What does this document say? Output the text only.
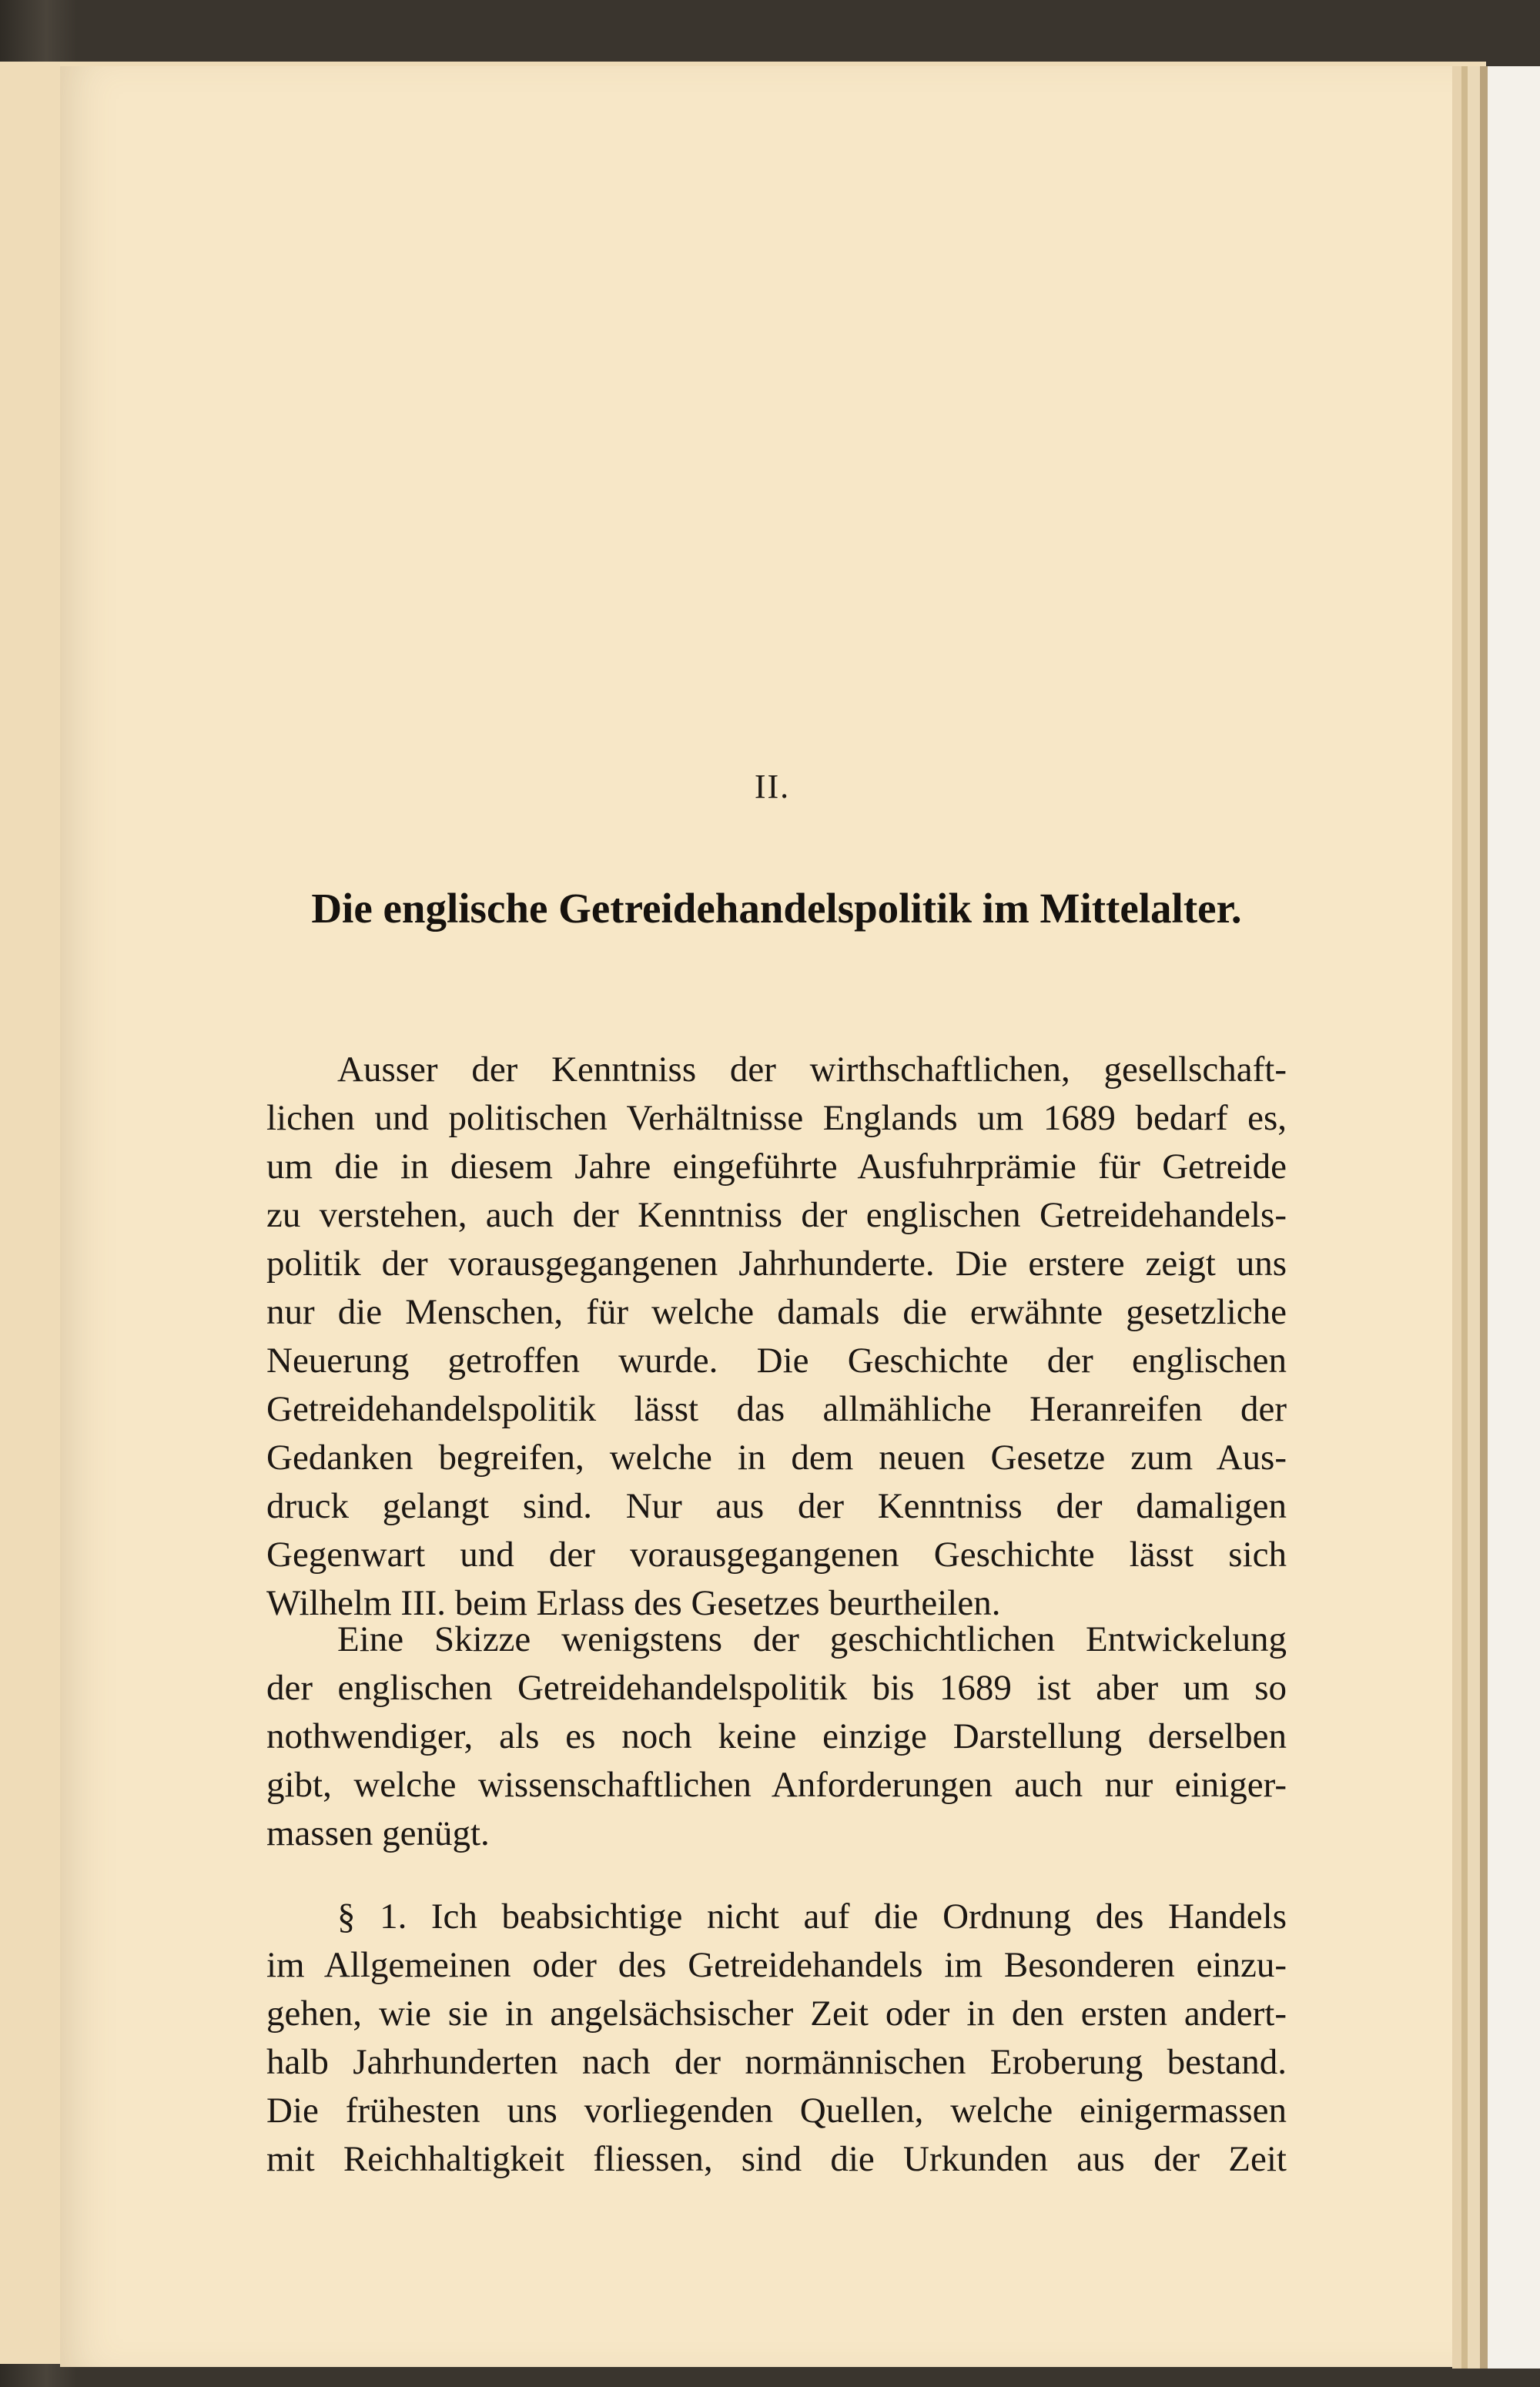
II.
Die englische Getreidehandelspolitik im Mittelalter.
Ausser der Kenntniss der wirthschaftlichen, gesellschaft-
lichen und politischen Verhältnisse Englands um 1689 bedarf es,
um die in diesem Jahre eingeführte Ausfuhrprämie für Getreide
zu verstehen, auch der Kenntniss der englischen Getreidehandels-
politik der vorausgegangenen Jahrhunderte. Die erstere zeigt uns
nur die Menschen, für welche damals die erwähnte gesetzliche
Neuerung getroffen wurde. Die Geschichte der englischen
Getreidehandelspolitik lässt das allmähliche Heranreifen der
Gedanken begreifen, welche in dem neuen Gesetze zum Aus-
druck gelangt sind. Nur aus der Kenntniss der damaligen
Gegenwart und der vorausgegangenen Geschichte lässt sich
Wilhelm III. beim Erlass des Gesetzes beurtheilen.
Eine Skizze wenigstens der geschichtlichen Entwickelung
der englischen Getreidehandelspolitik bis 1689 ist aber um so
nothwendiger, als es noch keine einzige Darstellung derselben
gibt, welche wissenschaftlichen Anforderungen auch nur einiger-
massen genügt.
§ 1. Ich beabsichtige nicht auf die Ordnung des Handels
im Allgemeinen oder des Getreidehandels im Besonderen einzu-
gehen, wie sie in angelsächsischer Zeit oder in den ersten andert-
halb Jahrhunderten nach der normännischen Eroberung bestand.
Die frühesten uns vorliegenden Quellen, welche einigermassen
mit Reichhaltigkeit fliessen, sind die Urkunden aus der Zeit
